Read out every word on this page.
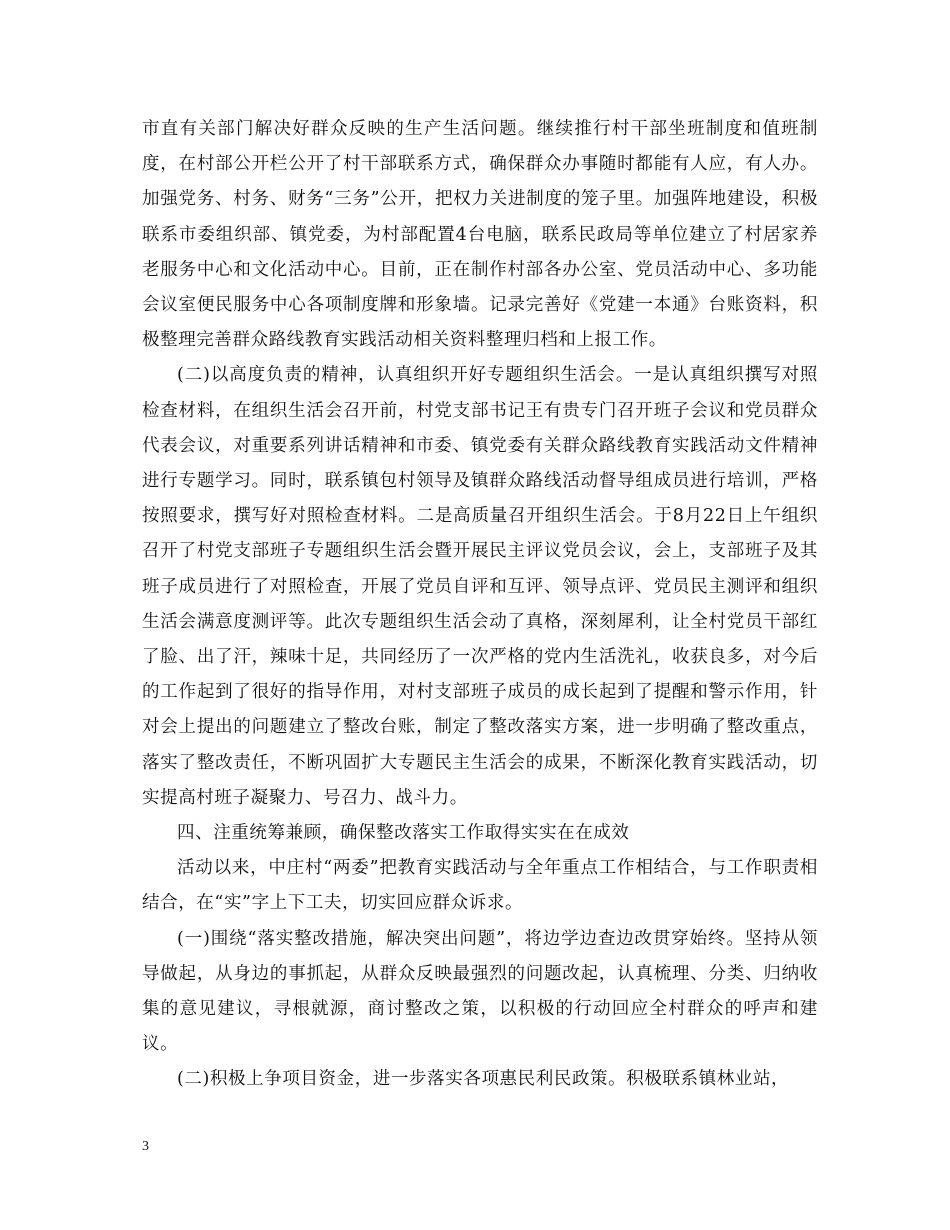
市直有关部门解决好群众反映的生产生活问题。继续推行村干部坐班制度和值班制度，在村部公开栏公开了村干部联系方式，确保群众办事随时都能有人应，有人办。加强党务、村务、财务“三务”公开，把权力关进制度的笼子里。加强阵地建设，积极联系市委组织部、镇党委，为村部配置4台电脑，联系民政局等单位建立了村居家养老服务中心和文化活动中心。目前，正在制作村部各办公室、党员活动中心、多功能会议室便民服务中心各项制度牌和形象墙。记录完善好《党建一本通》台账资料，积极整理完善群众路线教育实践活动相关资料整理归档和上报工作。

(二)以高度负责的精神，认真组织开好专题组织生活会。一是认真组织撰写对照检查材料，在组织生活会召开前，村党支部书记王有贵专门召开班子会议和党员群众代表会议，对重要系列讲话精神和市委、镇党委有关群众路线教育实践活动文件精神进行专题学习。同时，联系镇包村领导及镇群众路线活动督导组成员进行培训，严格按照要求，撰写好对照检查材料。二是高质量召开组织生活会。于8月22日上午组织召开了村党支部班子专题组织生活会暨开展民主评议党员会议，会上，支部班子及其班子成员进行了对照检查，开展了党员自评和互评、领导点评、党员民主测评和组织生活会满意度测评等。此次专题组织生活会动了真格，深刻犀利，让全村党员干部红了脸、出了汗，辣味十足，共同经历了一次严格的党内生活洗礼，收获良多，对今后的工作起到了很好的指导作用，对村支部班子成员的成长起到了提醒和警示作用，针对会上提出的问题建立了整改台账，制定了整改落实方案，进一步明确了整改重点，落实了整改责任，不断巩固扩大专题民主生活会的成果，不断深化教育实践活动，切实提高村班子凝聚力、号召力、战斗力。

四、注重统筹兼顾，确保整改落实工作取得实实在在成效

活动以来，中庄村“两委”把教育实践活动与全年重点工作相结合，与工作职责相结合，在“实”字上下工夫，切实回应群众诉求。

(一)围绕“落实整改措施，解决突出问题”，将边学边查边改贯穿始终。坚持从领导做起，从身边的事抓起，从群众反映最强烈的问题改起，认真梳理、分类、归纳收集的意见建议，寻根就源，商讨整改之策，以积极的行动回应全村群众的呼声和建议。

(二)积极上争项目资金，进一步落实各项惠民利民政策。积极联系镇林业站，

3
